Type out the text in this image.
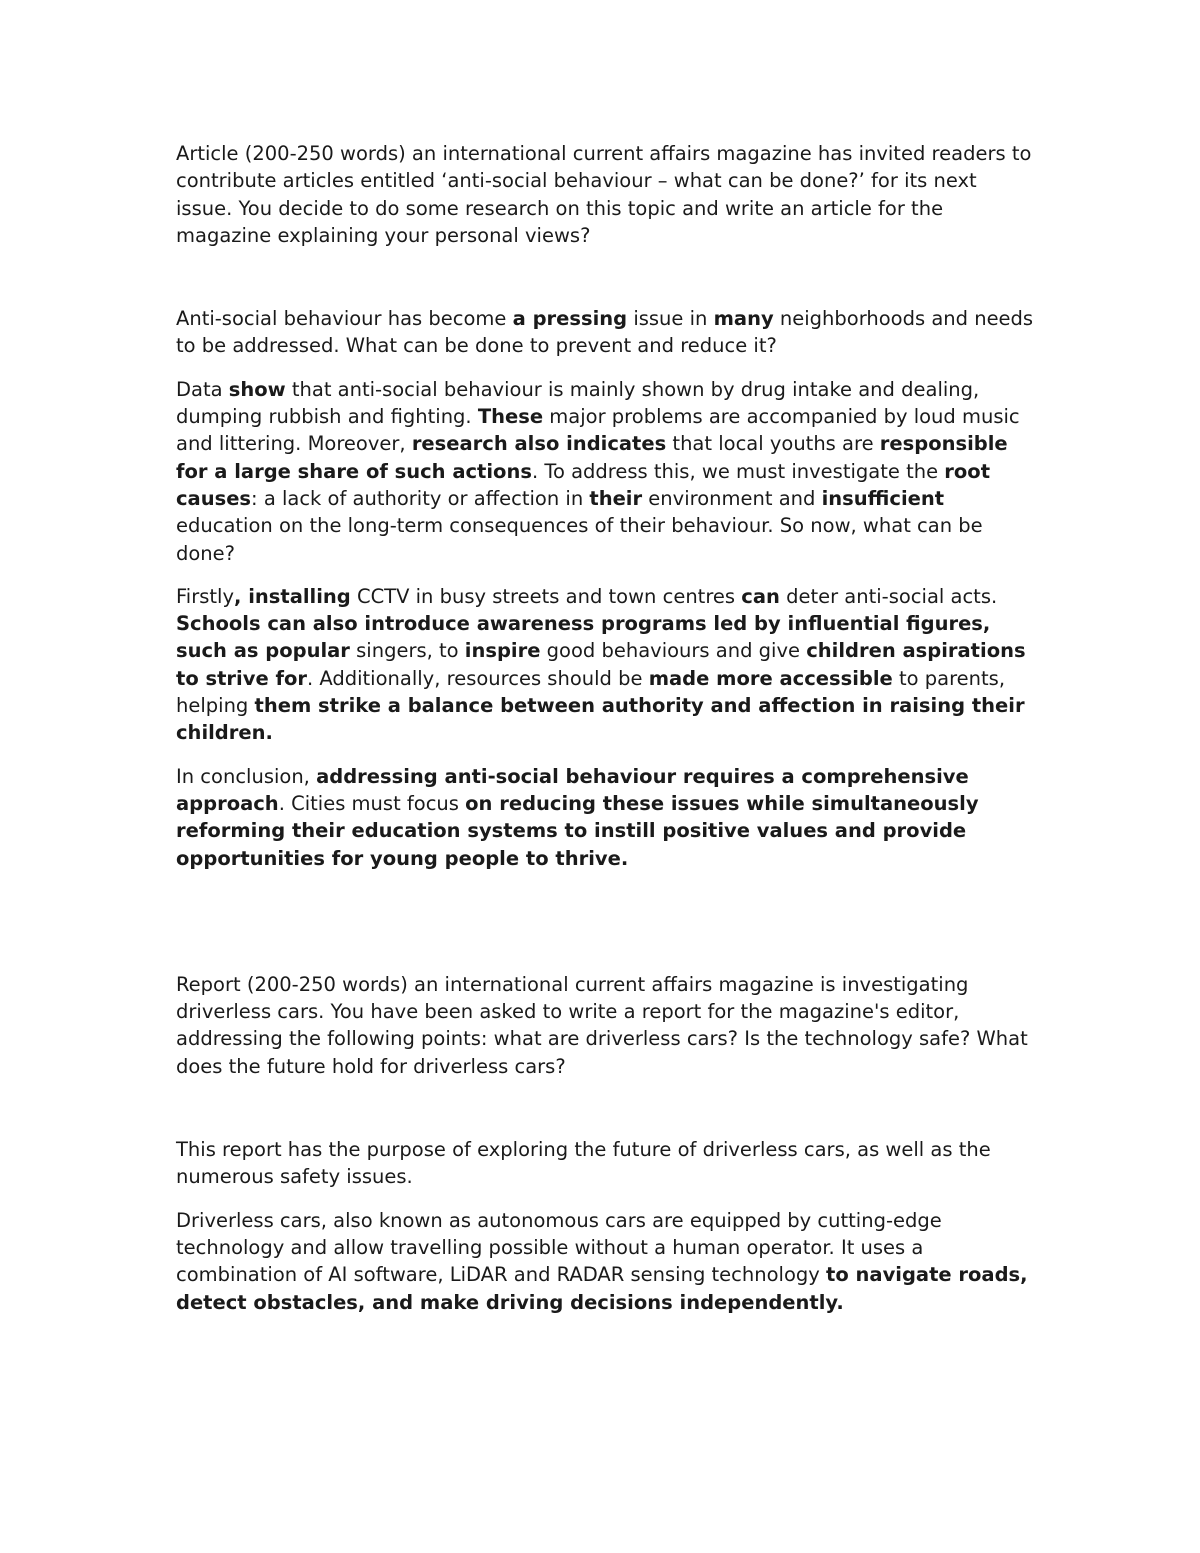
Article (200-250 words) an international current affairs magazine has invited readers to contribute articles entitled ‘anti-social behaviour – what can be done?’ for its next issue. You decide to do some research on this topic and write an article for the magazine explaining your personal views?

Anti-social behaviour has become a pressing issue in many neighborhoods and needs to be addressed. What can be done to prevent and reduce it?

Data show that anti-social behaviour is mainly shown by drug intake and dealing, dumping rubbish and fighting. These major problems are accompanied by loud music and littering. Moreover, research also indicates that local youths are responsible for a large share of such actions. To address this, we must investigate the root causes: a lack of authority or affection in their environment and insufficient education on the long-term consequences of their behaviour. So now, what can be done?

Firstly, installing CCTV in busy streets and town centres can deter anti-social acts. Schools can also introduce awareness programs led by influential figures, such as popular singers, to inspire good behaviours and give children aspirations to strive for. Additionally, resources should be made more accessible to parents, helping them strike a balance between authority and affection in raising their children.

In conclusion, addressing anti-social behaviour requires a comprehensive approach. Cities must focus on reducing these issues while simultaneously reforming their education systems to instill positive values and provide opportunities for young people to thrive.

Report (200-250 words) an international current affairs magazine is investigating driverless cars. You have been asked to write a report for the magazine's editor, addressing the following points: what are driverless cars? Is the technology safe? What does the future hold for driverless cars?

This report has the purpose of exploring the future of driverless cars, as well as the numerous safety issues.

Driverless cars, also known as autonomous cars are equipped by cutting-edge technology and allow travelling possible without a human operator. It uses a combination of AI software, LiDAR and RADAR sensing technology to navigate roads, detect obstacles, and make driving decisions independently.
